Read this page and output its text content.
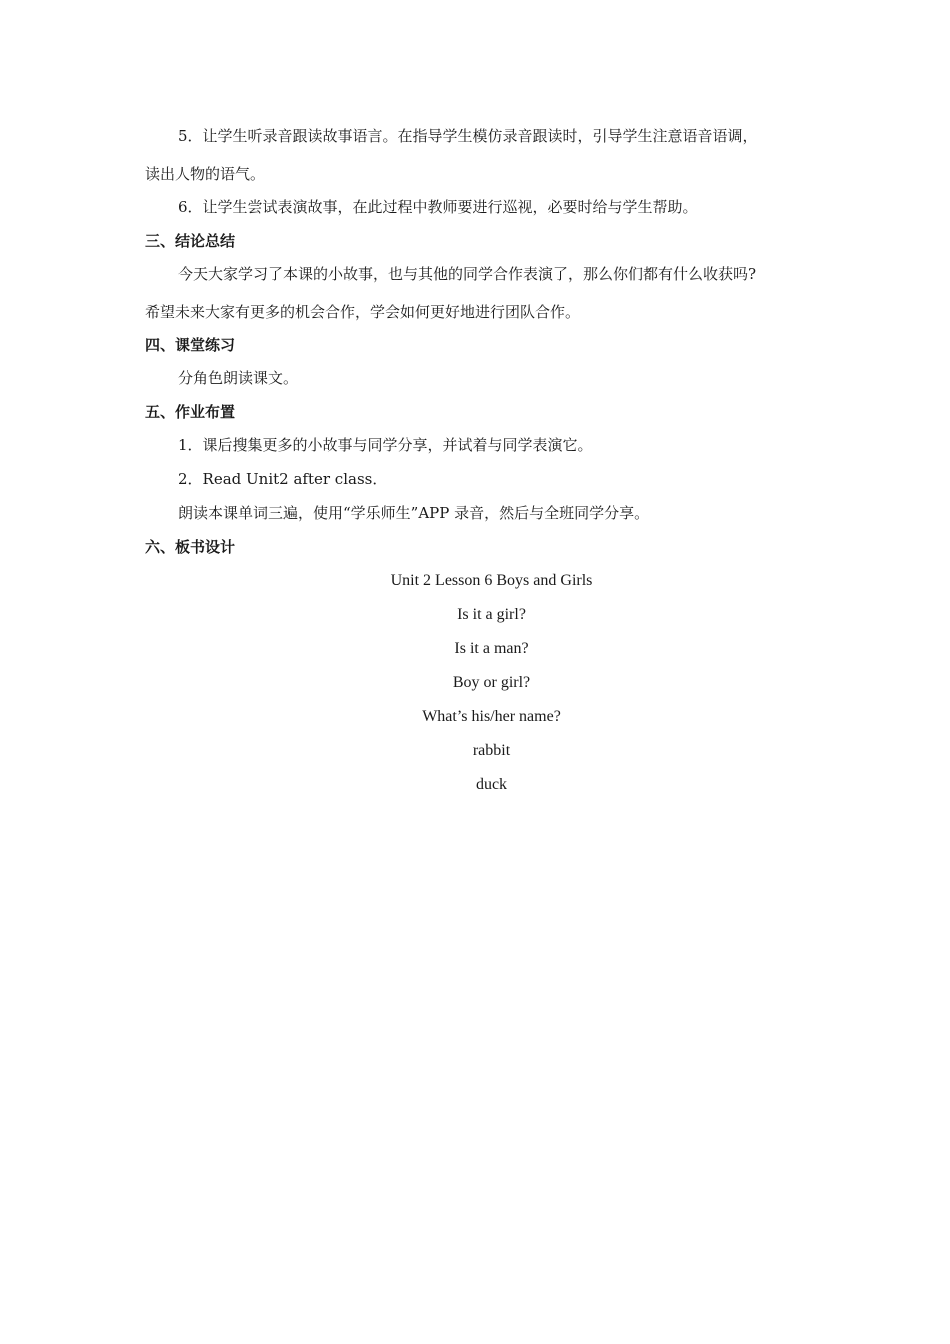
5．让学生听录音跟读故事语言。在指导学生模仿录音跟读时，引导学生注意语音语调，
读出人物的语气。
6．让学生尝试表演故事，在此过程中教师要进行巡视，必要时给与学生帮助。
三、结论总结
今天大家学习了本课的小故事，也与其他的同学合作表演了，那么你们都有什么收获吗?
希望未来大家有更多的机会合作，学会如何更好地进行团队合作。
四、课堂练习
分角色朗读课文。
五、作业布置
1．课后搜集更多的小故事与同学分享，并试着与同学表演它。
2．Read Unit2 after class．
朗读本课单词三遍，使用“学乐师生”APP 录音，然后与全班同学分享。
六、板书设计
Unit 2 Lesson 6 Boys and Girls
Is it a girl?
Is it a man?
Boy or girl?
What’s his/her name?
rabbit
duck
